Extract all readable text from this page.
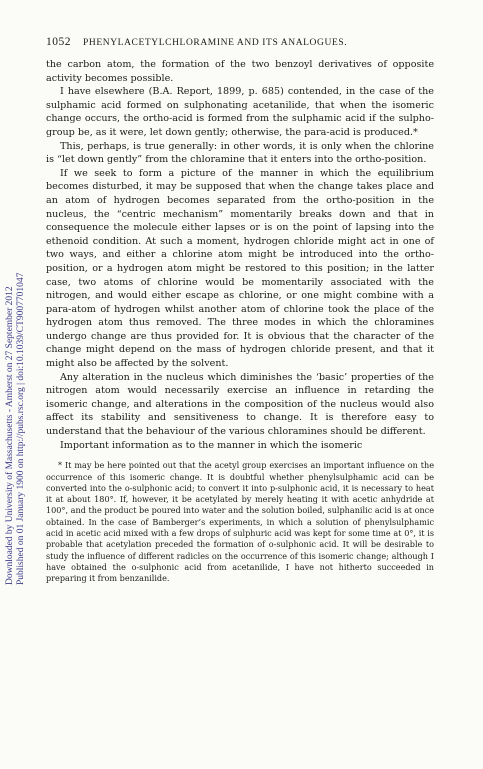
Downloaded by University of Massachusetts - Amherst on 27 September 2012 Published on 01 January 1900 on http://pubs.rsc.org | doi:10.1039/CT9007701047
1052 PHENYLACETYLCHLORAMINE AND ITS ANALOGUES.

the carbon atom, the formation of the two benzoyl derivatives of opposite activity becomes possible.

I have elsewhere (B.A. Report, 1899, p. 685) contended, in the case of the sulphamic acid formed on sulphonating acetanilide, that when the isomeric change occurs, the ortho-acid is formed from the sulphamic acid if the sulpho-group be, as it were, let down gently; otherwise, the para-acid is produced.*

This, perhaps, is true generally: in other words, it is only when the chlorine is “let down gently” from the chloramine that it enters into the ortho-position.

If we seek to form a picture of the manner in which the equilibrium becomes disturbed, it may be supposed that when the change takes place and an atom of hydrogen becomes separated from the ortho-position in the nucleus, the “centric mechanism” momentarily breaks down and that in consequence the molecule either lapses or is on the point of lapsing into the ethenoid condition. At such a moment, hydrogen chloride might act in one of two ways, and either a chlorine atom might be introduced into the ortho-position, or a hydrogen atom might be restored to this position; in the latter case, two atoms of chlorine would be momentarily associated with the nitrogen, and would either escape as chlorine, or one might combine with a para-atom of hydrogen whilst another atom of chlorine took the place of the hydrogen atom thus removed. The three modes in which the chloramines undergo change are thus provided for. It is obvious that the character of the change might depend on the mass of hydrogen chloride present, and that it might also be affected by the solvent.

Any alteration in the nucleus which diminishes the ‘basic’ properties of the nitrogen atom would necessarily exercise an influence in retarding the isomeric change, and alterations in the composition of the nucleus would also affect its stability and sensitiveness to change. It is therefore easy to understand that the behaviour of the various chloramines should be different.

Important information as to the manner in which the isomeric

* It may be here pointed out that the acetyl group exercises an important influence on the occurrence of this isomeric change. It is doubtful whether phenylsulphamic acid can be converted into the o-sulphonic acid; to convert it into p-sulphonic acid, it is necessary to heat it at about 180°. If, however, it be acetylated by merely heating it with acetic anhydride at 100°, and the product be poured into water and the solution boiled, sulphanilic acid is at once obtained. In the case of Bamberger’s experiments, in which a solution of phenylsulphamic acid in acetic acid mixed with a few drops of sulphuric acid was kept for some time at 0°, it is probable that acetylation preceded the formation of o-sulphonic acid. It will be desirable to study the influence of different radicles on the occurrence of this isomeric change; although I have obtained the o-sulphonic acid from acetanilide, I have not hitherto succeeded in preparing it from benzanilide.
